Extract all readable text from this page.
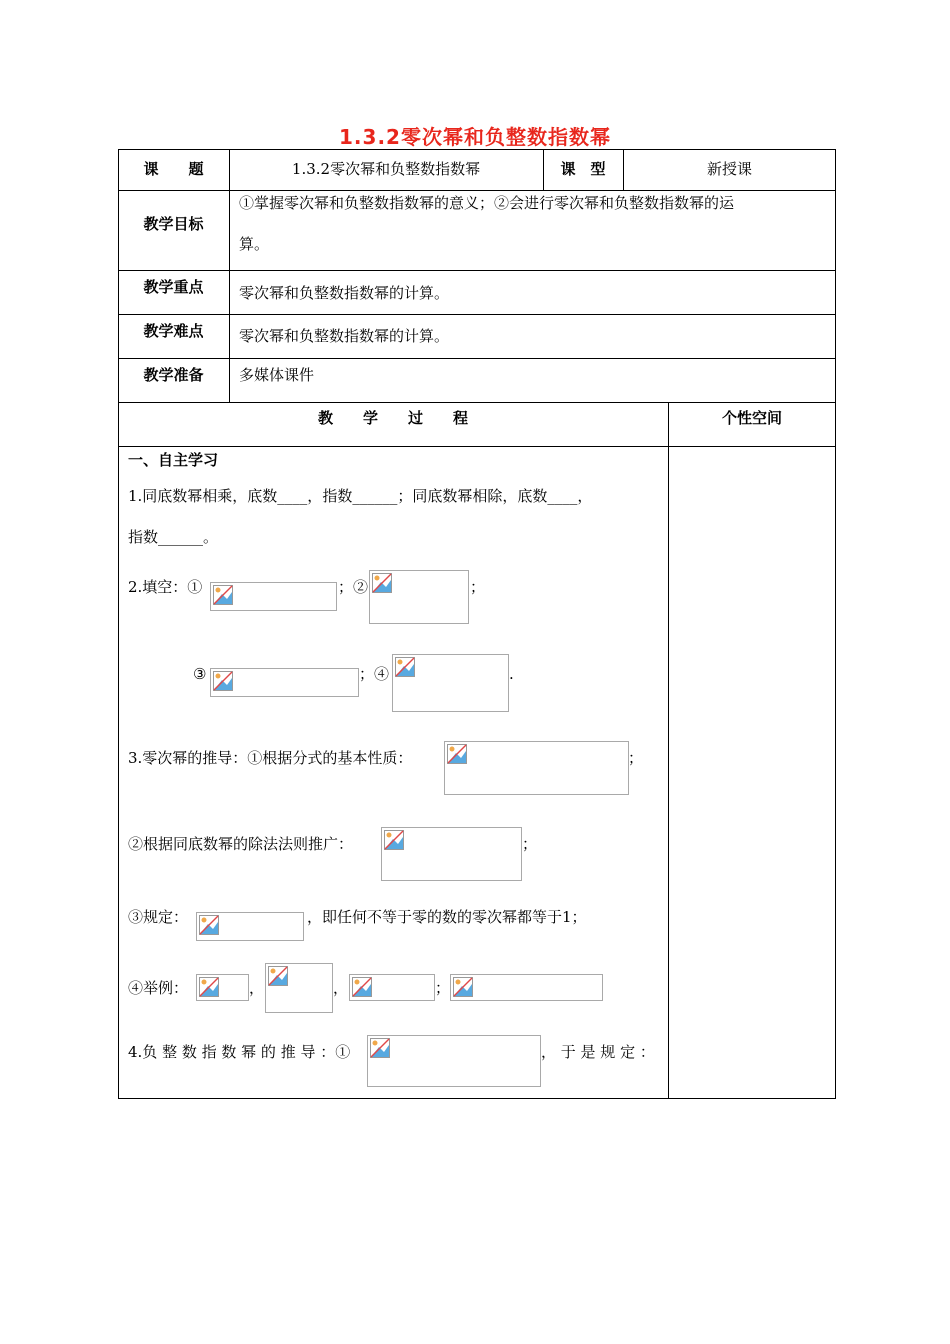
1.3.2零次幂和负整数指数幂
课　　题	1.3.2零次幂和负整数指数幂	课　型	新授课
教学目标
①掌握零次幂和负整数指数幂的意义；②会进行零次幂和负整数指数幂的运
算。
教学重点	零次幂和负整数指数幂的计算。
教学难点	零次幂和负整数指数幂的计算。
教学准备	多媒体课件
教　　学　　过　　程	个性空间
一、自主学习
1.同底数幂相乘，底数____，指数______；同底数幂相除，底数____，
指数______。
2.填空：①	；②	；
③	；④	.
3.零次幂的推导：①根据分式的基本性质：	；
②根据同底数幂的除法法则推广：	；
③规定：	，即任何不等于零的数的零次幂都等于1；
④举例：	，	，	；
4.负 整 数 指 数 幂 的 推 导 ：①	， 于 是 规 定 ：
